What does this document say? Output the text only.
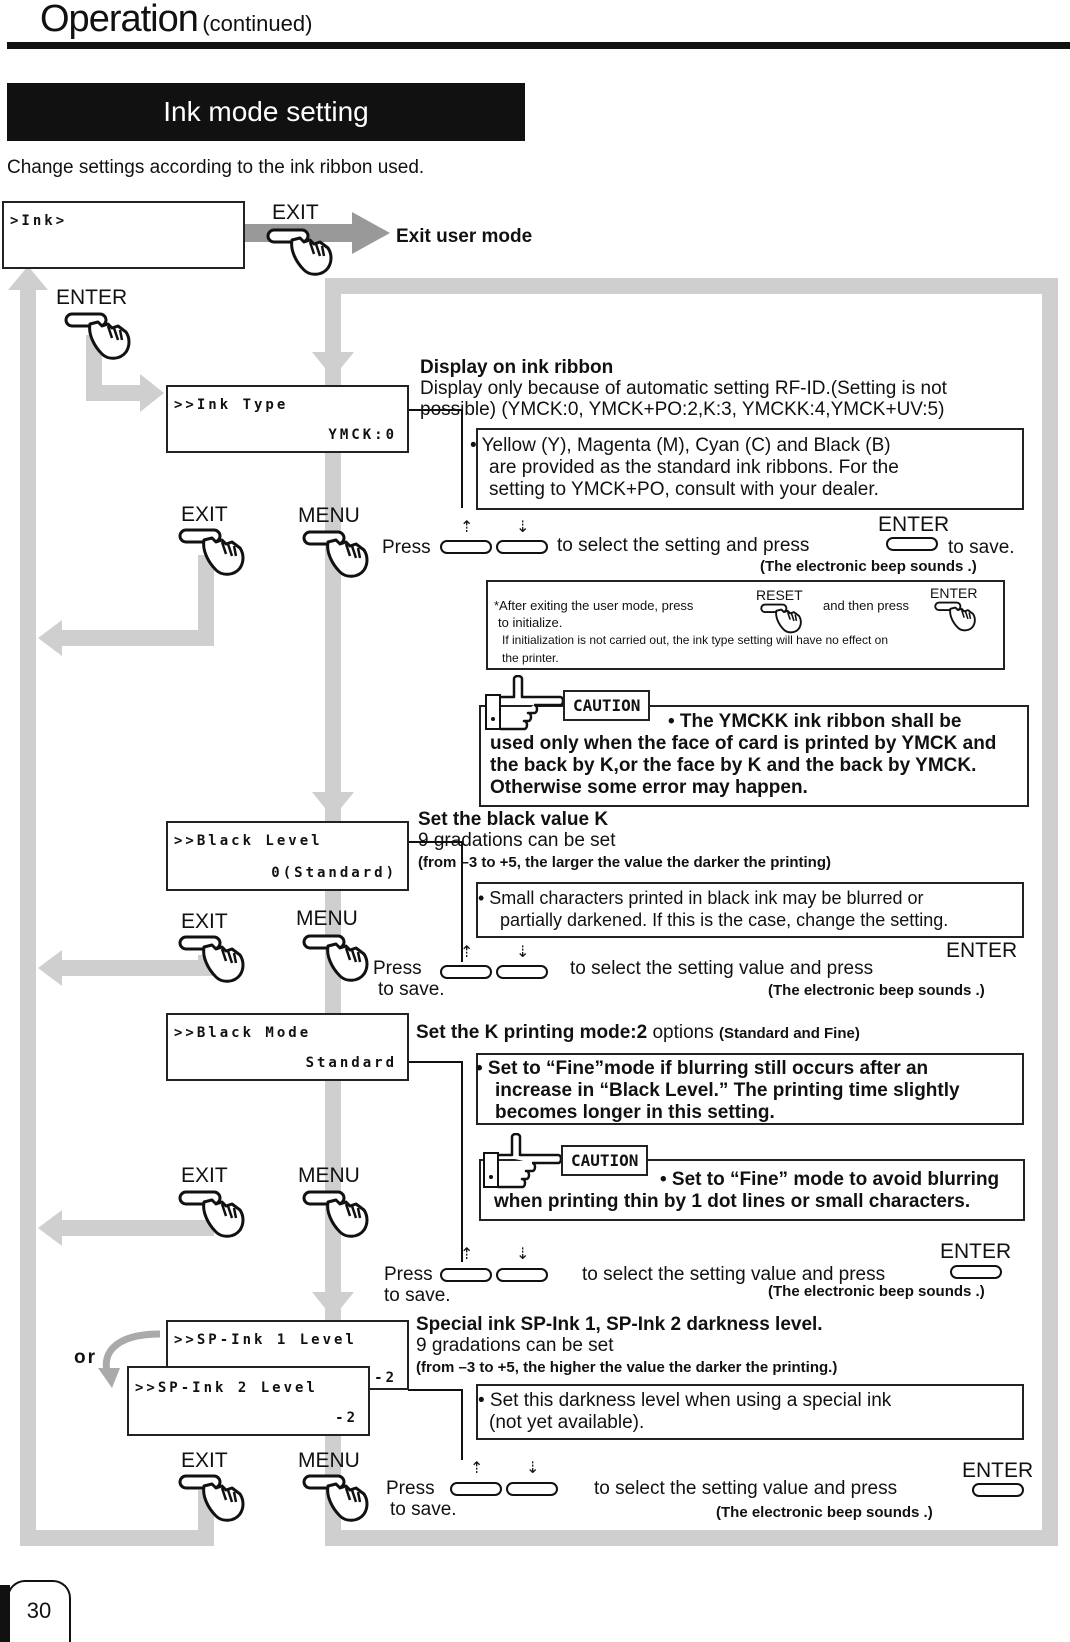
Operation (continued)
Ink mode setting
Change settings according to the ink ribbon used.
>Ink>	EXIT
Exit user mode
ENTER
>>Ink Type
YMCK:0
Display on ink ribbon
Display only because of automatic setting RF-ID.(Setting is not
possible) (YMCK:0, YMCK+PO:2,K:3, YMCKK:4,YMCK+UV:5)
• Yellow (Y), Magenta (M), Cyan (C) and Black (B)
are provided as the standard ink ribbons. For the
setting to YMCK+PO, consult with your dealer.
EXIT	MENU
Press
⇡	⇣
to select the setting and press
ENTER
to save.
(The electronic beep sounds .)
*After exiting the user mode, press
RESET
and then press
ENTER
to initialize.
If initialization is not carried out, the ink type setting will have no effect on
the printer.
CAUTION
• The YMCKK ink ribbon shall be
used only when the face of card is printed by YMCK and
the back by K,or the face by K and the back by YMCK.
Otherwise some error may happen.
>>Black Level
0(Standard)
Set the black value K
9 gradations can be set
(from –3 to +5, the larger the value the darker the printing)
• Small characters printed in black ink may be blurred or
partially darkened. If this is the case, change the setting.
EXIT	MENU
Press
to save.
⇡	⇣
to select the setting value and press
ENTER
(The electronic beep sounds .)
>>Black Mode
Standard
Set the K printing mode:2 options (Standard and Fine)
• Set to “Fine”mode if blurring still occurs after an
increase in “Black Level.” The printing time slightly
becomes longer in this setting.
CAUTION
• Set to “Fine” mode to avoid blurring
when printing thin by 1 dot lines or small characters.
EXIT	MENU
Press
to save.
⇡	⇣
to select the setting value and press
ENTER
(The electronic beep sounds .)
>>SP-Ink 1 Level
-2
or
>>SP-Ink 2 Level
-2
Special ink SP-Ink 1, SP-Ink 2 darkness level.
9 gradations can be set
(from –3 to +5, the higher the value the darker the printing.)
• Set this darkness level when using a special ink
(not yet available).
EXIT	MENU
Press
to save.
⇡	⇣
to select the setting value and press
ENTER
(The electronic beep sounds .)
30
